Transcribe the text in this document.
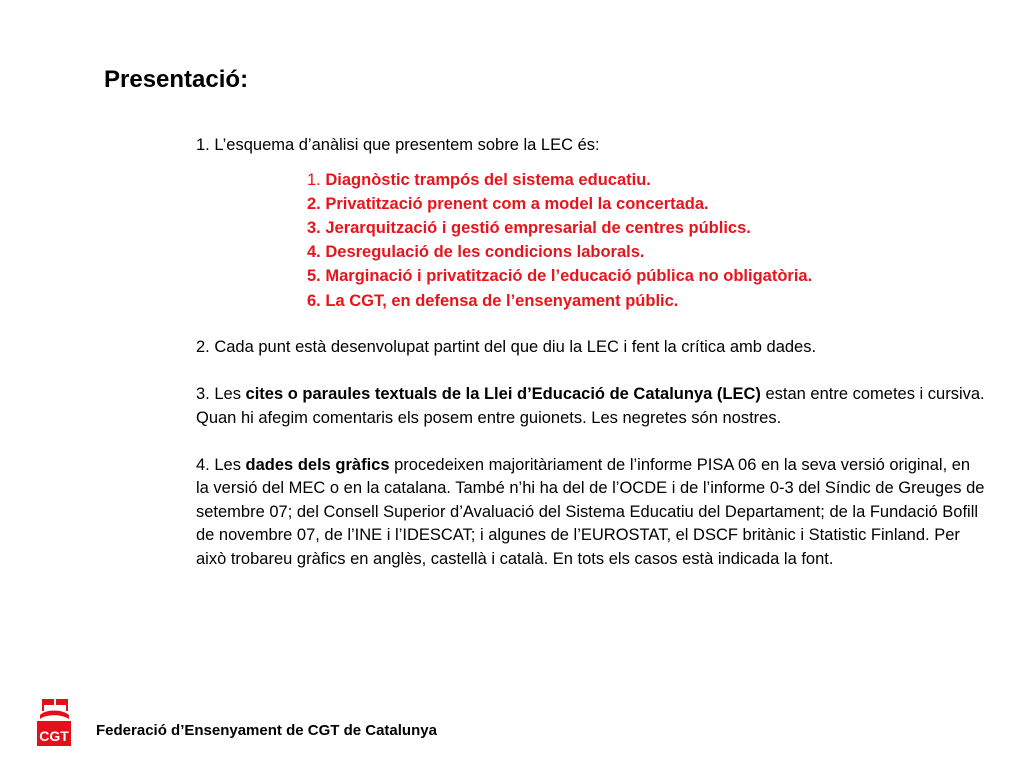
Presentació:

1. L’esquema d’anàlisi que presentem sobre la LEC és:

1. Diagnòstic trampós del sistema educatiu.
2. Privatització prenent com a model la concertada.
3. Jerarquització i gestió empresarial de centres públics.
4. Desregulació de les condicions laborals.
5. Marginació i privatització de l’educació pública no obligatòria.
6. La CGT, en defensa de l’ensenyament públic.

2. Cada punt està desenvolupat partint del que diu la LEC i fent la crítica amb dades.

3. Les cites o paraules textuals de la Llei d’Educació de Catalunya (LEC) estan entre cometes i cursiva. Quan hi afegim comentaris els posem entre guionets. Les negretes són nostres.

4. Les dades dels gràfics procedeixen majoritàriament de l’informe PISA 06 en la seva versió original, en la versió del MEC o en la catalana. També n’hi ha del de l’OCDE i de l’informe 0-3 del Síndic de Greuges de setembre 07; del Consell Superior d’Avaluació del Sistema Educatiu del Departament; de la Fundació Bofill de novembre 07, de l’INE i l’IDESCAT; i algunes de l’EUROSTAT, el DSCF britànic i Statistic Finland. Per això trobareu gràfics en anglès, castellà i català. En tots els casos està indicada la font.

CGT Federació d’Ensenyament de CGT de Catalunya
